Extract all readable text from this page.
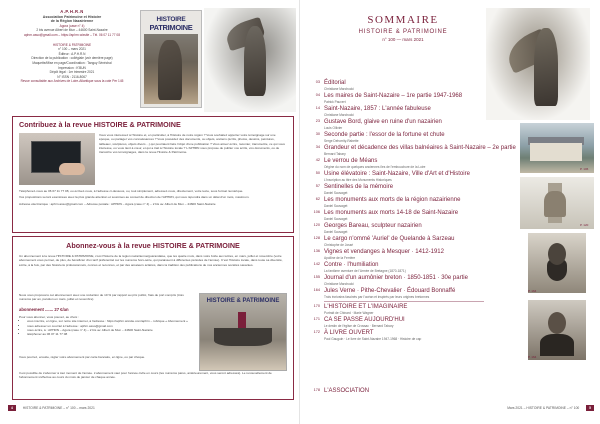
A.P.H.R.N
Association Patrimoine et Histoire
de la Région Nazairienne
Agora (case n° 4)
2 bis avenue Albert de Mun – 44600 Saint-Nazaire
aphrn.asso@gmail.com – https://aphrn.wixsite – Tél. 06 07 11 77 08
HISTOIRE & PATRIMOINE
n° 100 – mars 2021
Éditeur : A.P.H.R.N
Direction de la publication : collégiale (voir dernière page)
Maquette/Mise en page/Coordination : Tanguy Sénéchal
Impression : K'BUN
Dépôt légal : 1er trimestre 2021
N° ISSN : 2116-8067
Revue consultable aux Archives de Loire-Atlantique sous la cote Per 145
HISTOIRE
PATRIMOINE
Contribuez à la revue HISTOIRE & PATRIMOINE
Vous vous intéressez à l'histoire et, en particulier, à l'histoire de notre région ? Vous souhaitez apporter votre témoignage sur une époque, ou partager vos connaissances ? Vous possédez des documents, ou objets, anciens (écrits, photos, dessins, peintures, tableaux, sculptures, objets divers…) qui pourraient faire l'objet d'une publication ? Vous aimez écrire, raconter, transmettre, ce qui vous intéresse, ou vous tient à cœur, et qui a trait à l'histoire locale ? L'APHRN vous propose de publier vos écrits, vos documents, ou de transcrire vos témoignages, dans la revue Histoire & Patrimoine.

Téléphonez-nous au 06 07 11 77 08, ou écrivez-nous, à l'adresse ci-dessous, ou, tout simplement, adressez-nous, directement, votre texte, sous format numérique.

Vos propositions seront examinées avec la plus grande attention et soumises au conseil de direction de l'APHRN, qui vous répondra dans un délai d'un mois, maximum.

Adresse électronique : aphrn.asso@gmail.com – Adresse postale : APHRN – Agora (case n° 4) – 2 bis av. Albert de Mun – 44600 Saint-Nazaire

Abonnez-vous à la revue HISTOIRE & PATRIMOINE

Un abonnement à la revue HISTOIRE & PATRIMOINE, c'est l'histoire de la région nazairienne/guérandaise, que les quatre mois, dans votre boîte aux lettres, en mars, juillet et novembre (votre abonnement vous permet, de plus, de bénéficier d'un tarif préférentiel sur les numéros hors-série, qui paraissent à différentes périodes de l'année). C'est l'histoire locale, dans toute sa diversité, écrite, à la fois, par des historiens professionnels, connus et reconnus, et par des amateurs éclairés, dans la tradition des publications de nos anciennes sociétés savantes.

Nous vous proposons cet abonnement avec une réduction de 10 % par rapport au prix public, frais de port compris (trois numéros par an, parution en mars, juillet et novembre)

abonnement ....... 27 €/an
Pour vous abonner, vous pouvez, au choix :
• vous inscrire, en ligne, sur notre site internet, à l'adresse : https://aphrn.wixsite.com/aphrn – rubrique « Abonnement »
• nous adresser un courriel à l'adresse : aphrn.asso@gmail.com
• nous écrire, à : APHRN – Agora (case n° 4) – 2 bis av. Albert de Mun – 44600 Saint-Nazaire
• téléphoner au 06 07 11 77 08

Vous pourrez, ensuite, régler votre abonnement par carte bancaire, en ligne, ou par chèque.

Il est possible de s'abonner à tout moment de l'année. L'abonnement vaut pour l'année civile en cours (les numéros parus, antérieurement, vous seront adressés). Le renouvellement de l'abonnement s'effectue au cours du mois de janvier de chaque année.

HISTOIRE & PATRIMOINE
4	HISTOIRE & PATRIMOINE – n° 100 – mars 2021
SOMMAIRE
HISTOIRE & PATRIMOINE
n° 100 — mars 2021
03 Éditorial
Christiane Marchocki
04 Les maires de Saint-Nazaire – 1re partie 1947-1968
Patrick Pauvert
14 Saint-Nazaire, 1857 : L'année fabuleuse
Christiane Marchocki
23 Gustave Bord, glaive en ruine d'un nazairien
Louis Ollivier
30 Seconde partie : l'essor de la fortune et chute
Serge Dehorrity-Rabette
34 Grandeur et décadence des villas balnéaires à Saint-Nazaire – 2e partie
Bernard Tabary
42 Le verrou de Méans
Origine du nom de quelques anciennes îles de l'embouchure de la Loire
50 Usine élévatoire : Saint-Nazaire, Ville d'Art et d'Histoire
L'inscription au titre des Monuments Historiques
57 Sentinelles de la mémoire
Daniel Sauvaget
62 Les monuments aux morts de la région nazairienne
Daniel Sauvaget
106 Les monuments aux morts 14-18 de Saint-Nazaire
Daniel Sauvaget
120 Georges Bareau, sculpteur nazairien
Daniel Sauvaget
128 Le cargo n'ommé 'Auriel' de Quelande à Sarzeau
Christophe de Jossé
136 Vignes et vendanges à Mesquer · 1412-1912
Apolline de la Ferrière
142 Contre · l'humiliation
La fantôme aventure de l'Armée de Bretagne (1870-1871)
155 Journal d'un aumônier breton · 1850-1851 · 30e partie
Christiane Marchocki
164 Jules Verne · Pithe-Chevalier · Édouard Bonnaffé
Trois écrivains fascinés par l'océan et inspirés par leurs origines bretonnes
170 L'HISTOIRE ET L'IMAGINAIRE
Portrait de Chinard · Marie Wagner
171 CA SE PASSE AUJOURD'HUI
Le destin de l'église de Crossac · Bernard Tabary
172 À LIVRE OUVERT
Paul Gauguin · Le livre de Saint-Nazaire 1947-1968 · Histoire de cap
178 L'ASSOCIATION
P. 106
P. 120
P. 164
P. 164
Mars 2021 – HISTOIRE & PATRIMOINE – n° 100	5
